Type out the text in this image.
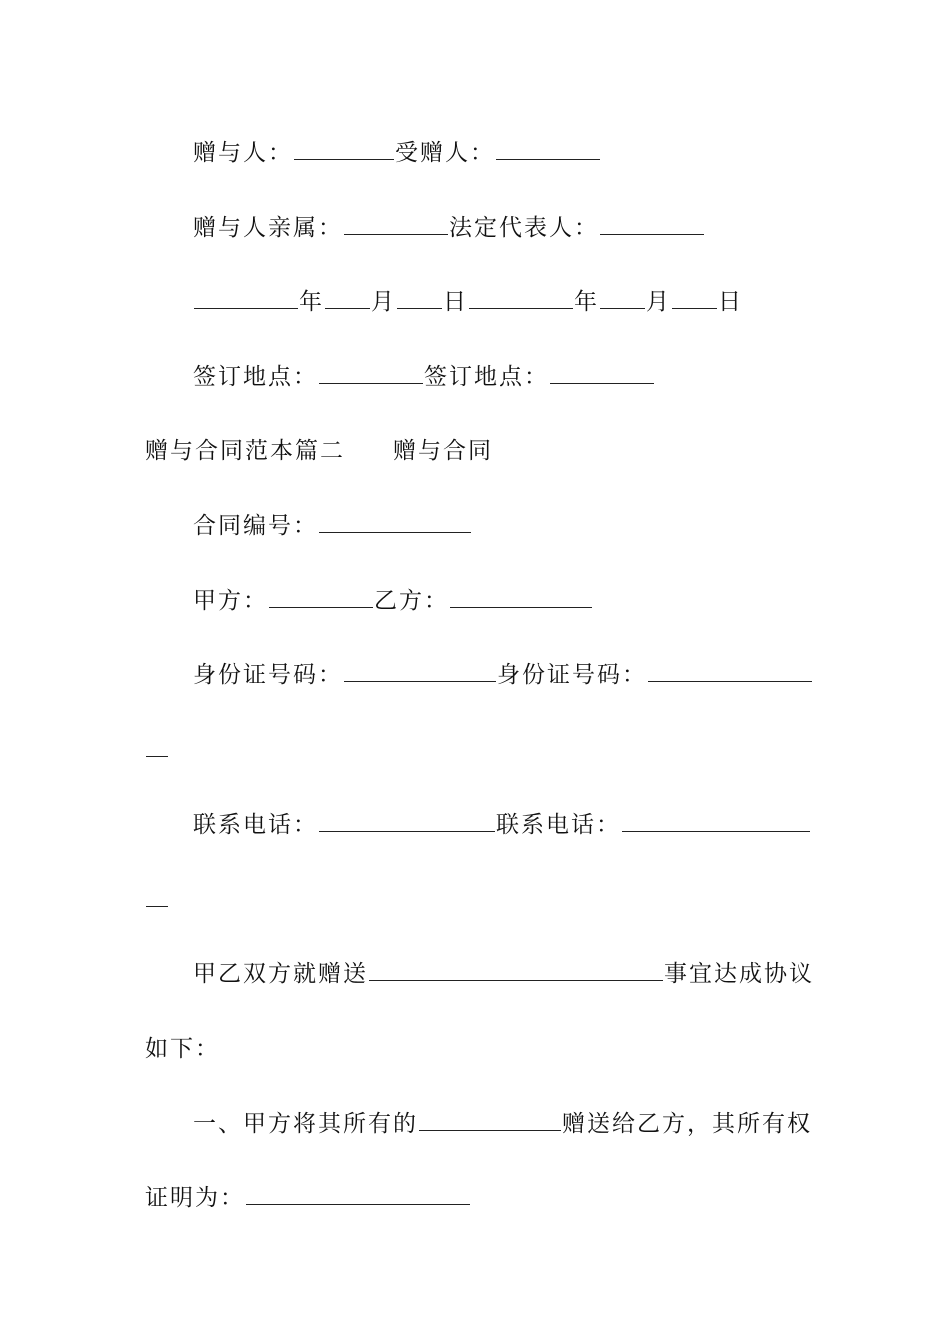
赠与人：	受赠人：
赠与人亲属：	法定代表人：
年 月 日	年 月 日
签订地点：	签订地点：
赠与合同范本篇二 赠与合同
合同编号：
甲方：	乙方：
身份证号码：	身份证号码：
联系电话：	联系电话：
甲乙双方就赠送	事宜达成协议
如下：
一、甲方将其所有的	赠送给乙方，其所有权
证明为：
